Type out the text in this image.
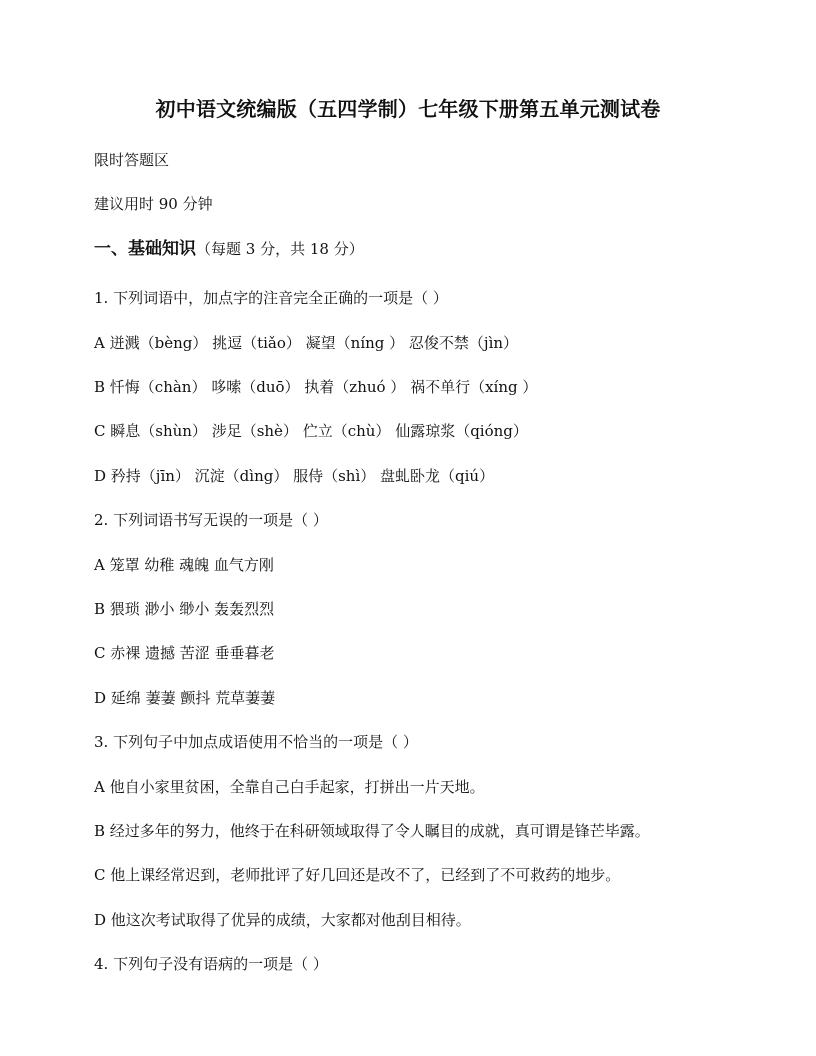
初中语文统编版（五四学制）七年级下册第五单元测试卷
限时答题区
建议用时 90 分钟
一、基础知识（每题 3 分，共 18 分）
1. 下列词语中，加点字的注音完全正确的一项是（ ）
A 迸溅（bèng） 挑逗（tiǎo） 凝望（níng ） 忍俊不禁（jìn）
B 忏悔（chàn） 哆嗦（duō） 执着（zhuó ） 祸不单行（xíng ）
C 瞬息（shùn） 涉足（shè） 伫立（chù） 仙露琼浆（qióng）
D 矜持（jīn） 沉淀（dìng） 服侍（shì） 盘虬卧龙（qiú）
2. 下列词语书写无误的一项是（ ）
A 笼罩 幼稚 魂魄 血气方刚
B 猥琐 渺小 缈小 轰轰烈烈
C 赤裸 遗撼 苦涩 垂垂暮老
D 延绵 萋萋 颤抖 荒草萋萋
3. 下列句子中加点成语使用不恰当的一项是（ ）
A 他自小家里贫困，全靠自己白手起家，打拼出一片天地。
B 经过多年的努力，他终于在科研领域取得了令人瞩目的成就，真可谓是锋芒毕露。
C 他上课经常迟到，老师批评了好几回还是改不了，已经到了不可救药的地步。
D 他这次考试取得了优异的成绩，大家都对他刮目相待。
4. 下列句子没有语病的一项是（ ）
